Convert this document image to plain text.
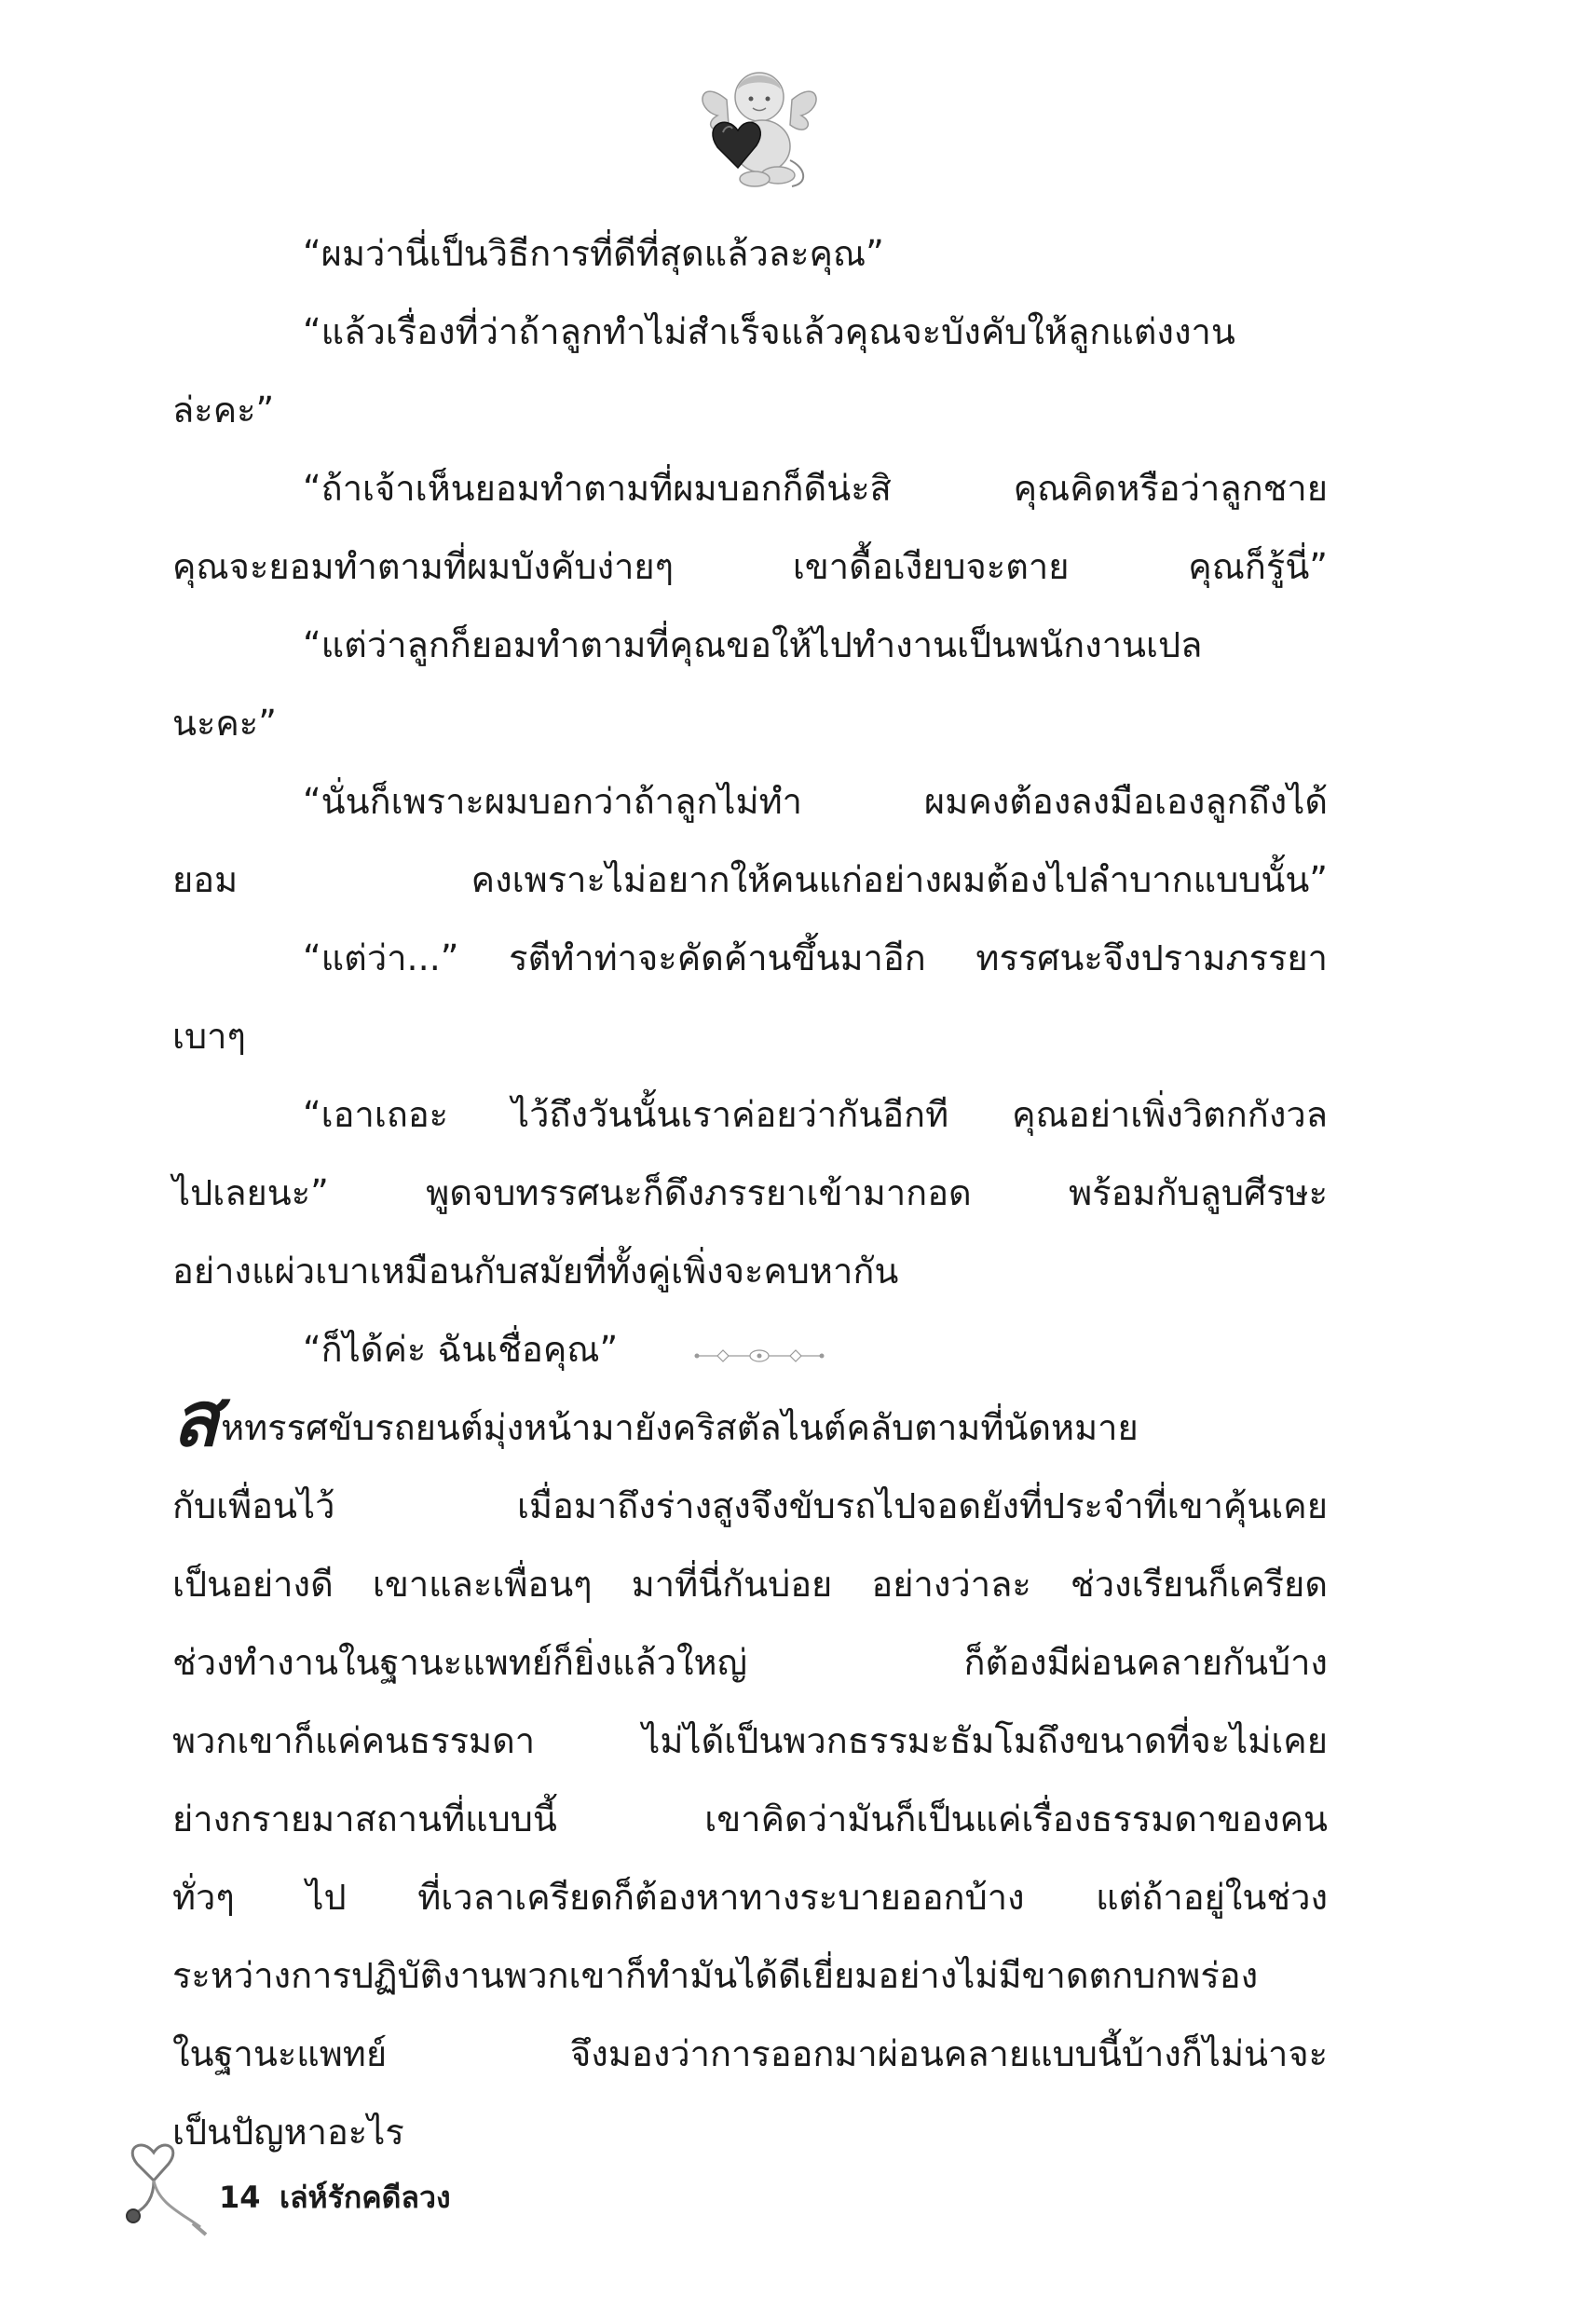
“ผมว่านี่เป็นวิธีการที่ดีที่สุดแล้วละคุณ”
“แล้วเรื่องที่ว่าถ้าลูกทำไม่สำเร็จแล้วคุณจะบังคับให้ลูกแต่งงาน
ล่ะคะ”
“ถ้าเจ้าเห็นยอมทำตามที่ผมบอกก็ดีน่ะสิ คุณคิดหรือว่าลูกชาย
คุณจะยอมทำตามที่ผมบังคับง่ายๆ เขาดื้อเงียบจะตาย คุณก็รู้นี่”
“แต่ว่าลูกก็ยอมทำตามที่คุณขอให้ไปทำงานเป็นพนักงานเปล
นะคะ”
“นั่นก็เพราะผมบอกว่าถ้าลูกไม่ทำ ผมคงต้องลงมือเองลูกถึงได้
ยอม คงเพราะไม่อยากให้คนแก่อย่างผมต้องไปลำบากแบบนั้น”
“แต่ว่า...” รตีทำท่าจะคัดค้านขึ้นมาอีก ทรรศนะจึงปรามภรรยา
เบาๆ
“เอาเถอะ ไว้ถึงวันนั้นเราค่อยว่ากันอีกที คุณอย่าเพิ่งวิตกกังวล
ไปเลยนะ” พูดจบทรรศนะก็ดึงภรรยาเข้ามากอด พร้อมกับลูบศีรษะ
อย่างแผ่วเบาเหมือนกับสมัยที่ทั้งคู่เพิ่งจะคบหากัน
“ก็ได้ค่ะ ฉันเชื่อคุณ”
สหทรรศขับรถยนต์มุ่งหน้ามายังคริสตัลไนต์คลับตามที่นัดหมาย
กับเพื่อนไว้ เมื่อมาถึงร่างสูงจึงขับรถไปจอดยังที่ประจำที่เขาคุ้นเคย
เป็นอย่างดี เขาและเพื่อนๆ มาที่นี่กันบ่อย อย่างว่าละ ช่วงเรียนก็เครียด
ช่วงทำงานในฐานะแพทย์ก็ยิ่งแล้วใหญ่ ก็ต้องมีผ่อนคลายกันบ้าง
พวกเขาก็แค่คนธรรมดา ไม่ได้เป็นพวกธรรมะธัมโมถึงขนาดที่จะไม่เคย
ย่างกรายมาสถานที่แบบนี้ เขาคิดว่ามันก็เป็นแค่เรื่องธรรมดาของคน
ทั่วๆ ไป ที่เวลาเครียดก็ต้องหาทางระบายออกบ้าง แต่ถ้าอยู่ในช่วง
ระหว่างการปฏิบัติงานพวกเขาก็ทำมันได้ดีเยี่ยมอย่างไม่มีขาดตกบกพร่อง
ในฐานะแพทย์ จึงมองว่าการออกมาผ่อนคลายแบบนี้บ้างก็ไม่น่าจะ
เป็นปัญหาอะไร
14 เล่ห์รักคดีลวง
